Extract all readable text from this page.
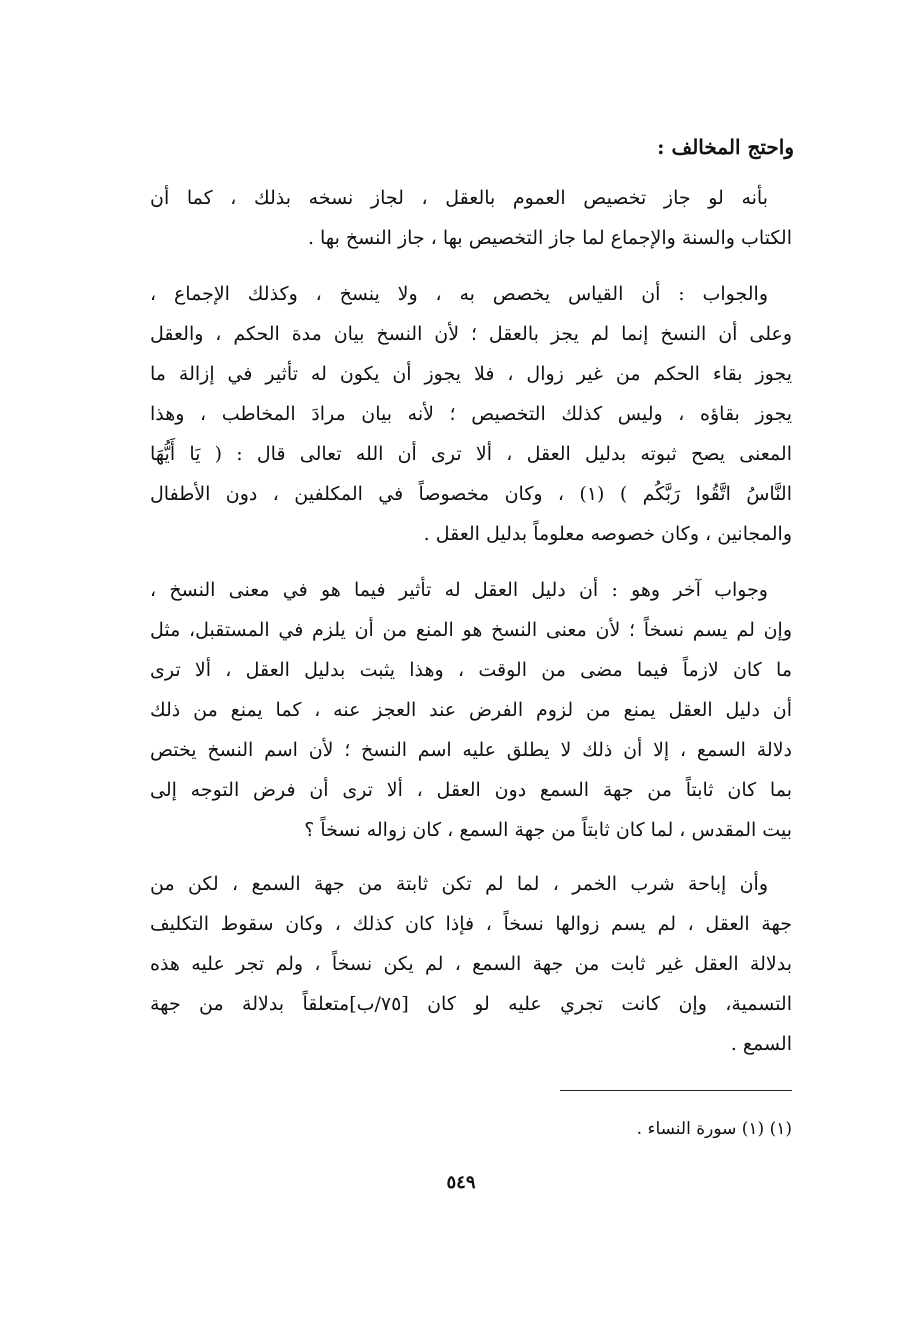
واحتج المخالف :
بأنه لو جاز تخصيص العموم بالعقل ، لجاز نسخه بذلك ، كما أن
الكتاب والسنة والإجماع لما جاز التخصيص بها ، جاز النسخ بها .
والجواب : أن القياس يخصص به ، ولا ينسخ ، وكذلك الإجماع ،
وعلى أن النسخ إنما لم يجز بالعقل ؛ لأن النسخ بيان مدة الحكم ، والعقل
يجوز بقاء الحكم من غير زوال ، فلا يجوز أن يكون له تأثير في إزالة ما
يجوز بقاؤه ، وليس كذلك التخصيص ؛ لأنه بيان مرادَ المخاطب ، وهذا
المعنى يصح ثبوته بدليل العقل ، ألا ترى أن الله تعالى قال : ( يَا أَيُّهَا
النَّاسُ اتَّقُوا رَبَّكُم ) (١) ، وكان مخصوصاً في المكلفين ، دون الأطفال
والمجانين ، وكان خصوصه معلوماً بدليل العقل .
وجواب آخر وهو : أن دليل العقل له تأثير فيما هو في معنى النسخ ،
وإن لم يسم نسخاً ؛ لأن معنى النسخ هو المنع من أن يلزم في المستقبل، مثل
ما كان لازماً فيما مضى من الوقت ، وهذا يثبت بدليل العقل ، ألا ترى
أن دليل العقل يمنع من لزوم الفرض عند العجز عنه ، كما يمنع من ذلك
دلالة السمع ، إلا أن ذلك لا يطلق عليه اسم النسخ ؛ لأن اسم النسخ يختص
بما كان ثابتاً من جهة السمع دون العقل ، ألا ترى أن فرض التوجه إلى
بيت المقدس ، لما كان ثابتاً من جهة السمع ، كان زواله نسخاً ؟
وأن إباحة شرب الخمر ، لما لم تكن ثابتة من جهة السمع ، لكن من
جهة العقل ، لم يسم زوالها نسخاً ، فإذا كان كذلك ، وكان سقوط التكليف
بدلالة العقل غير ثابت من جهة السمع ، لم يكن نسخاً ، ولم تجر عليه هذه
التسمية، وإن كانت تجري عليه لو كان [٧٥/ب]متعلقاً بدلالة من جهة
السمع .
(١) (١) سورة النساء .
٥٤٩
